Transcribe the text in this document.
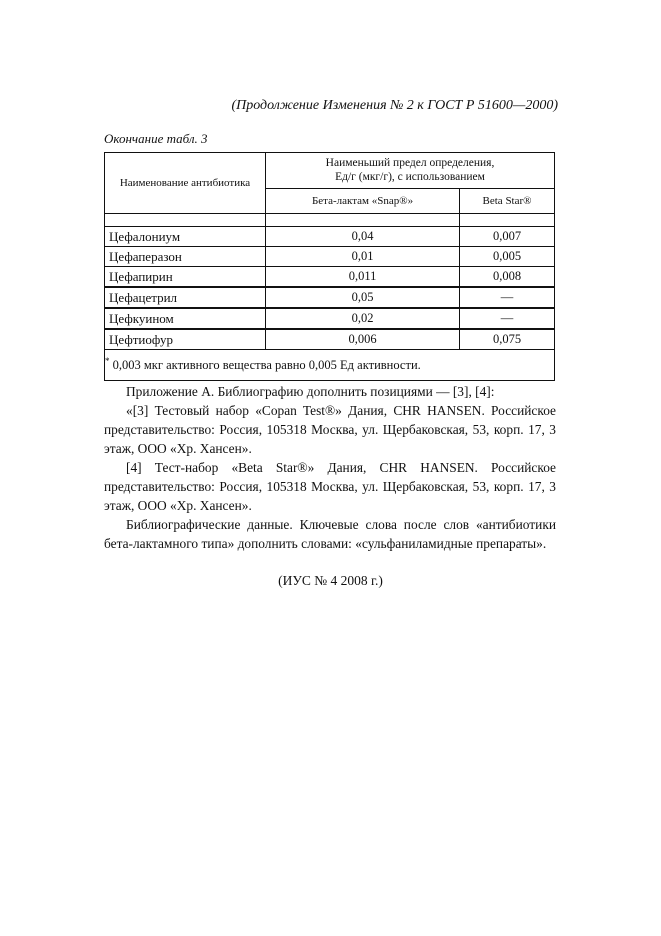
(Продолжение Изменения № 2 к ГОСТ Р 51600—2000)
Окончание табл. 3
Наименование антибиотика	Наименьший предел определения,
Ед/г (мкг/г), с использованием	

	Бета-лактам «Snap®»	Beta Star®

Цефалониум	0,04	0,007
Цефаперазон	0,01	0,005
Цефапирин	0,011	0,008
Цефацетрил	0,05	—
Цефкуином	0,02	—
Цефтиофур	0,006	0,075
* 0,003 мкг активного вещества равно 0,005 Ед активности.		

Приложение А. Библиографию дополнить позициями — [3], [4]:

«[3] Тестовый набор «Copan Test®» Дания, CHR HANSEN. Российское представительство: Россия, 105318 Москва, ул. Щербаковская, 53, корп. 17, 3 этаж, ООО «Хр. Хансен».

[4] Тест-набор «Beta Star®» Дания, CHR HANSEN. Российское представительство: Россия, 105318 Москва, ул. Щербаковская, 53, корп. 17, 3 этаж, ООО «Хр. Хансен».

Библиографические данные. Ключевые слова после слов «антибиотики бета-лактамного типа» дополнить словами: «сульфаниламидные препараты».

(ИУС № 4 2008 г.)
